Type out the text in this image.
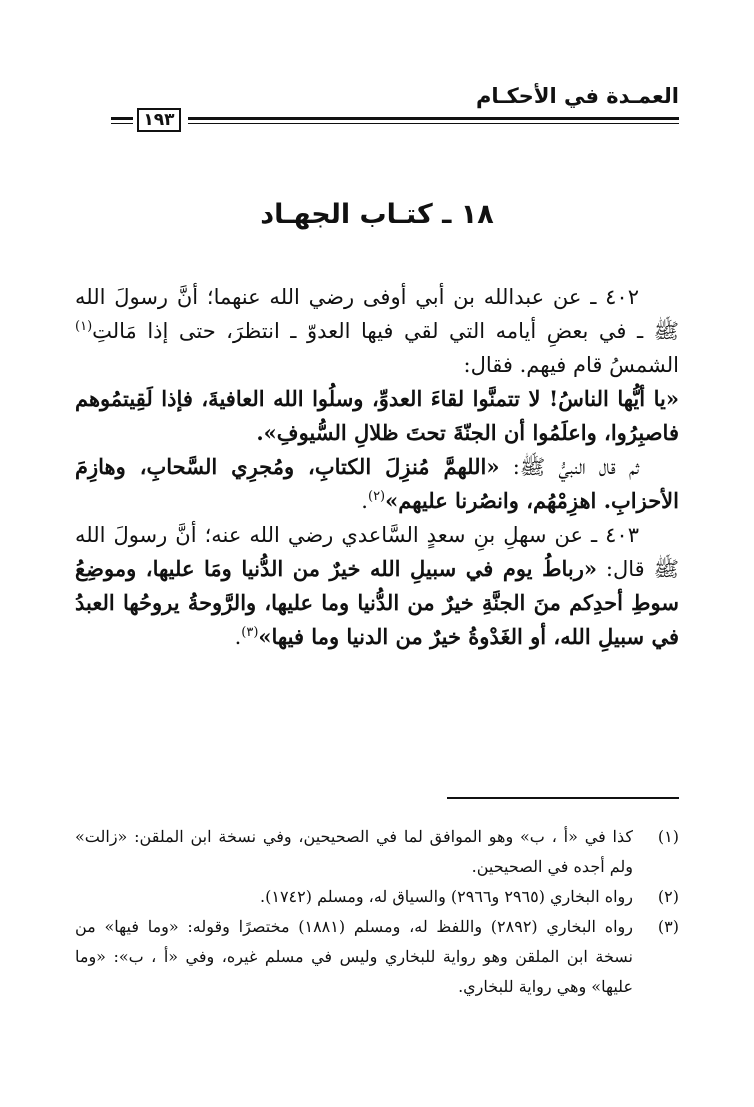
العمـدة في الأحكـام
١٩٣
١٨ ـ كتـاب الجهـاد

٤٠٢ ـ عن عبدالله بن أبي أوفى رضي الله عنهما؛ أنَّ رسولَ الله ﷺ ـ في بعضِ أيامه التي لقي فيها العدوّ ـ انتظرَ، حتى إذا مَالتِ$^{(١)}$ الشمسُ قام فيهم. فقال:

«يا أيُّها الناسُ! لا تتمنَّوا لقاءَ العدوِّ، وسلُوا الله العافيةَ، فإذا لَقِيتمُوهم فاصبِرُوا، واعلَمُوا أن الجنّةَ تحتَ ظلالِ السُّيوفِ».

ثم قال النبيُّ ﷺ: «اللهمَّ مُنزِلَ الكتابِ، ومُجرِي السَّحابِ، وهازِمَ الأحزابِ. اهزِمْهُم، وانصُرنا عليهم»$^{(٢)}$.

٤٠٣ ـ عن سهلِ بنِ سعدٍ السَّاعدي رضي الله عنه؛ أنَّ رسولَ الله ﷺ قال: «رباطُ يوم في سبيلِ الله خيرٌ من الدُّنيا ومَا عليها، وموضِعُ سوطِ أحدِكم منَ الجنَّةِ خيرٌ من الدُّنيا وما عليها، والرَّوحةُ يروحُها العبدُ في سبيلِ الله، أو الغَدْوةُ خيرٌ من الدنيا وما فيها»$^{(٣)}$.

(١)
كذا في «أ ، ب» وهو الموافق لما في الصحيحين، وفي نسخة ابن الملقن: «زالت» ولم أجده في الصحيحين.
(٢)
رواه البخاري (٢٩٦٥ و٢٩٦٦) والسياق له، ومسلم (١٧٤٢).
(٣)
رواه البخاري (٢٨٩٢) واللفظ له، ومسلم (١٨٨١) مختصرًا وقوله: «وما فيها» من نسخة ابن الملقن وهو رواية للبخاري وليس في مسلم غيره، وفي «أ ، ب»: «وما عليها» وهي رواية للبخاري.
